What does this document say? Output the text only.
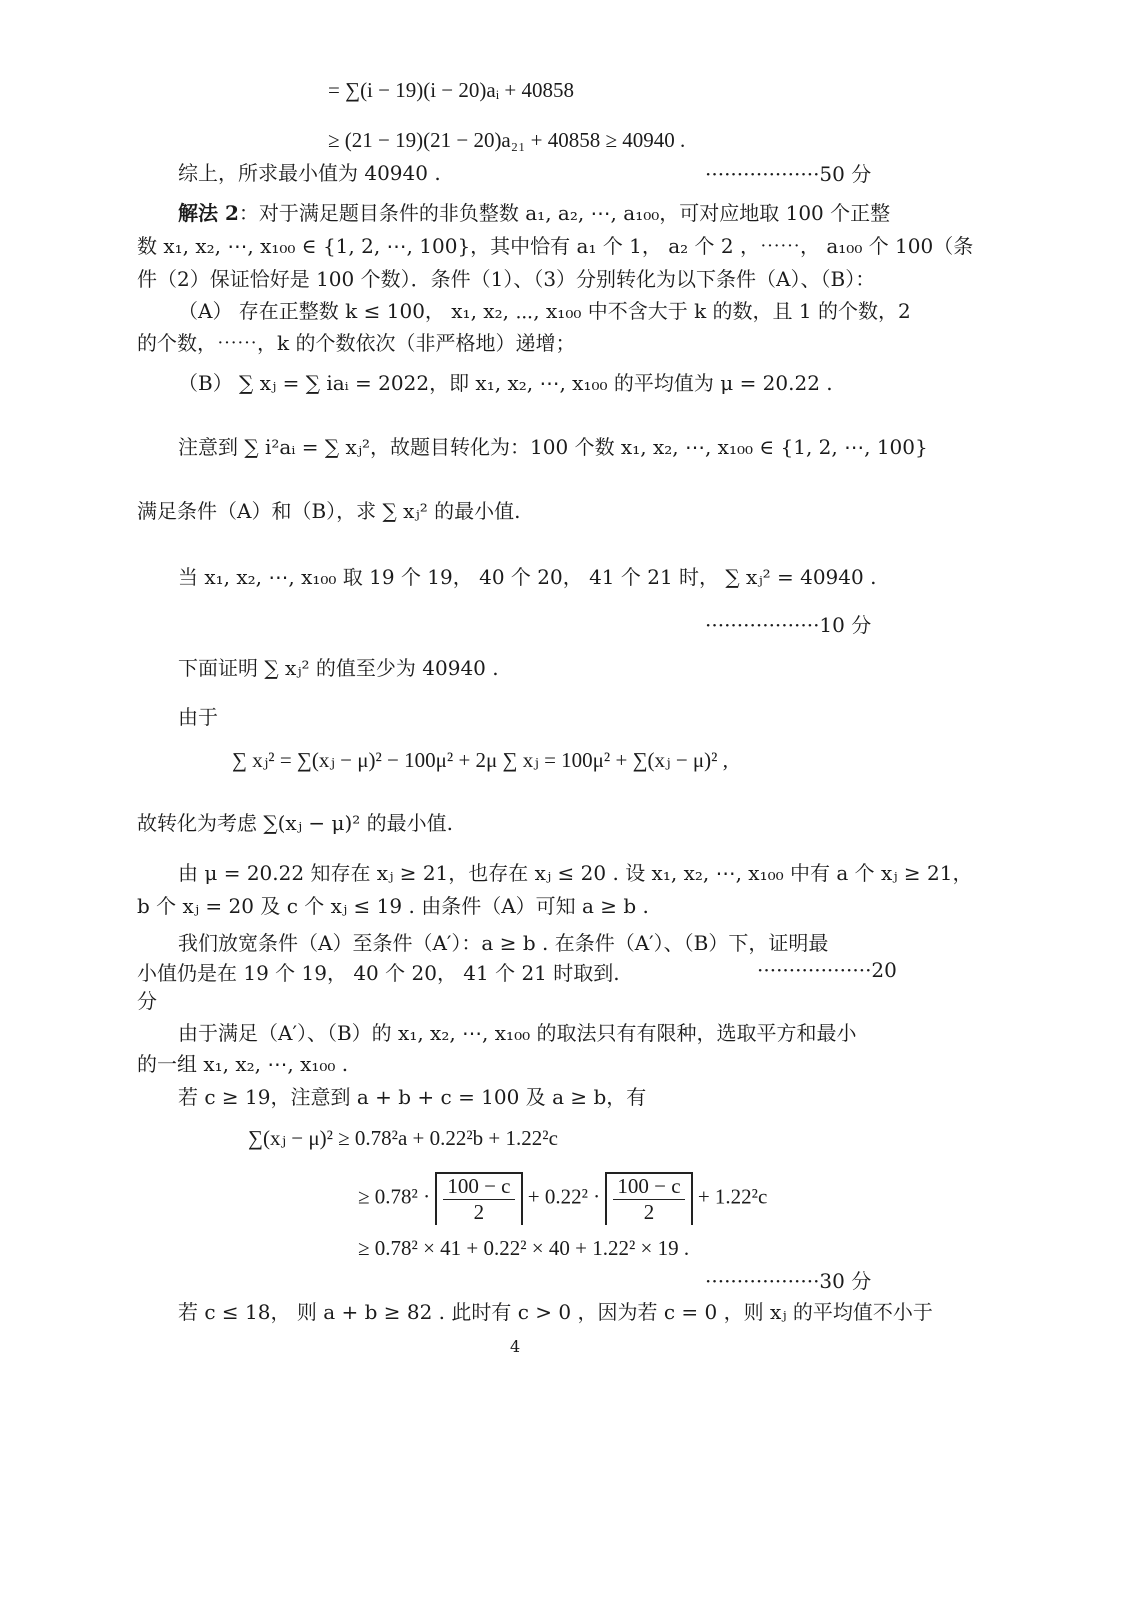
= ∑(i − 19)(i − 20)aᵢ + 40858
≥ (21 − 19)(21 − 20)a₂₁ + 40858 ≥ 40940 .
综上，所求最小值为 40940 .	··················50 分
解法 2：对于满足题目条件的非负整数 a₁, a₂, ⋯, a₁₀₀，可对应地取 100 个正整
数 x₁, x₂, ⋯, x₁₀₀ ∈ {1, 2, ⋯, 100}，其中恰有 a₁ 个 1， a₂ 个 2 ，⋯⋯， a₁₀₀ 个 100（条
件（2）保证恰好是 100 个数）．条件（1）、（3）分别转化为以下条件（A）、（B）：
（A） 存在正整数 k ≤ 100， x₁, x₂, ⋯, x₁₀₀ 中不含大于 k 的数，且 1 的个数，2
的个数，⋯⋯，k 的个数依次（非严格地）递增；
（B） ∑ xⱼ = ∑ iaᵢ = 2022，即 x₁, x₂, ⋯, x₁₀₀ 的平均值为 μ = 20.22 .
注意到 ∑ i²aᵢ = ∑ xⱼ²，故题目转化为：100 个数 x₁, x₂, ⋯, x₁₀₀ ∈ {1, 2, ⋯, 100}
满足条件（A）和（B），求 ∑ xⱼ² 的最小值.
当 x₁, x₂, ⋯, x₁₀₀ 取 19 个 19， 40 个 20， 41 个 21 时， ∑ xⱼ² = 40940 .
··················10 分
下面证明 ∑ xⱼ² 的值至少为 40940 .
由于
∑ xⱼ² = ∑(xⱼ − μ)² − 100μ² + 2μ ∑ xⱼ = 100μ² + ∑(xⱼ − μ)² ,
故转化为考虑 ∑(xⱼ − μ)² 的最小值.
由 μ = 20.22 知存在 xⱼ ≥ 21，也存在 xⱼ ≤ 20 . 设 x₁, x₂, ⋯, x₁₀₀ 中有 a 个 xⱼ ≥ 21，
b 个 xⱼ = 20 及 c 个 xⱼ ≤ 19 . 由条件（A）可知 a ≥ b .
我们放宽条件（A）至条件（A′）：a ≥ b . 在条件（A′）、（B）下，证明最
小值仍是在 19 个 19， 40 个 20， 41 个 21 时取到.	··················20
分
由于满足（A′）、（B）的 x₁, x₂, ⋯, x₁₀₀ 的取法只有有限种，选取平方和最小
的一组 x₁, x₂, ⋯, x₁₀₀ .
若 c ≥ 19，注意到 a + b + c = 100 及 a ≥ b，有
∑(xⱼ − μ)² ≥ 0.78²a + 0.22²b + 1.22²c
≥ $0.78^2 \cdot \frac{100 - c}{2} + 0.22^2 \cdot \frac{100 - c}{2} + 1.22^2c$
≥ 0.78² × 41 + 0.22² × 40 + 1.22² × 19 .
··················30 分
若 c ≤ 18， 则 a + b ≥ 82 . 此时有 c > 0 ，因为若 c = 0 ，则 xⱼ 的平均值不小于
4
